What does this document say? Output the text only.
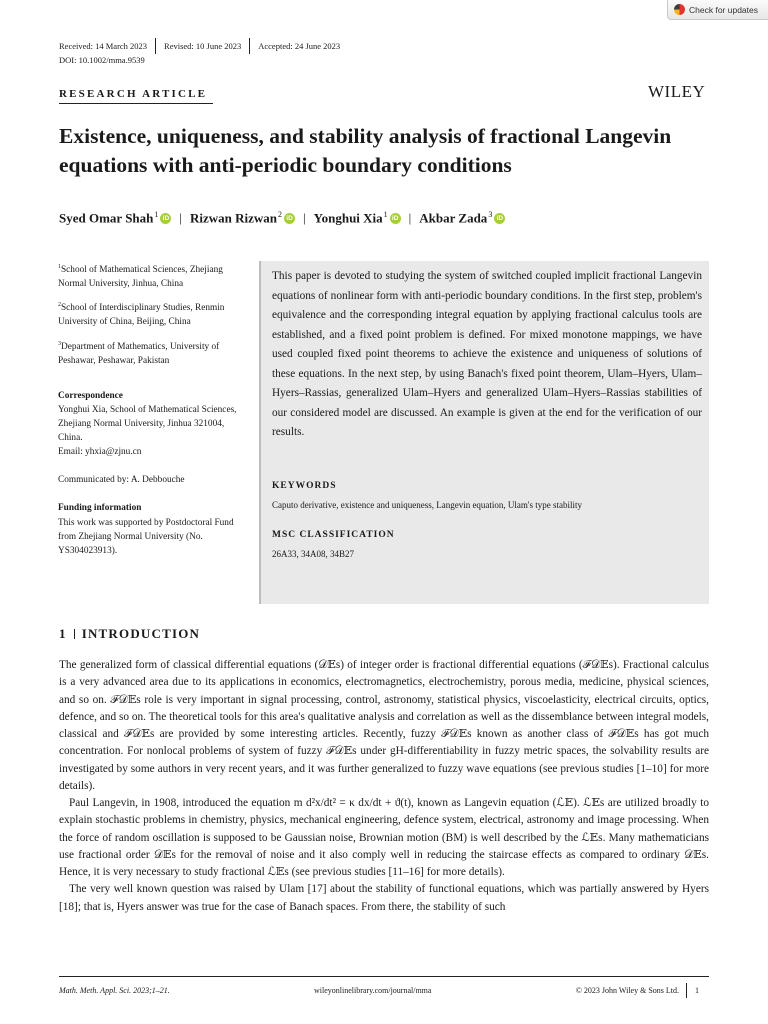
Check for updates
Received: 14 March 2023 Revised: 10 June 2023 Accepted: 24 June 2023
DOI: 10.1002/mma.9539
RESEARCH ARTICLE	WILEY
Existence, uniqueness, and stability analysis of fractional Langevin equations with anti-periodic boundary conditions
Syed Omar Shah$^1$ iD | Rizwan Rizwan$^2$ iD | Yonghui Xia$^1$ iD | Akbar Zada$^3$ iD

$^1$School of Mathematical Sciences, Zhejiang Normal University, Jinhua, China

$^2$School of Interdisciplinary Studies, Renmin University of China, Beijing, China

$^3$Department of Mathematics, University of Peshawar, Peshawar, Pakistan

Correspondence
Yonghui Xia, School of Mathematical Sciences, Zhejiang Normal University, Jinhua 321004, China.
Email: yhxia@zjnu.cn
Communicated by: A. Debbouche
Funding information
This work was supported by Postdoctoral Fund from Zhejiang Normal University (No. YS304023913).

This paper is devoted to studying the system of switched coupled implicit fractional Langevin equations of nonlinear form with anti-periodic boundary conditions. In the first step, problem's equivalence and the corresponding integral equation by applying fractional calculus tools are established, and a fixed point problem is defined. For mixed monotone mappings, we have used coupled fixed point theorems to achieve the existence and uniqueness of solutions of these equations. In the next step, by using Banach's fixed point theorem, Ulam–Hyers, Ulam–Hyers–Rassias, generalized Ulam–Hyers and generalized Ulam–Hyers–Rassias stabilities of our considered model are discussed. An example is given at the end for the verification of our results.

KEYWORDS
Caputo derivative, existence and uniqueness, Langevin equation, Ulam's type stability
MSC CLASSIFICATION
26A33, 34A08, 34B27
1 INTRODUCTION

The generalized form of classical differential equations (𝒟𝔼s) of integer order is fractional differential equations (ℱ𝒟𝔼s). Fractional calculus is a very advanced area due to its applications in economics, electromagnetics, electrochemistry, porous media, medicine, physical sciences, and so on. ℱ𝒟𝔼s role is very important in signal processing, control, astronomy, statistical physics, viscoelasticity, electrical circuits, optics, defence, and so on. The theoretical tools for this area's qualitative analysis and correlation as well as the dissemblance between integral models, classical and ℱ𝒟𝔼s are provided by some interesting articles. Recently, fuzzy ℱ𝒟𝔼s known as another class of ℱ𝒟𝔼s has got much concentration. For nonlocal problems of system of fuzzy ℱ𝒟𝔼s under gH-differentiability in fuzzy metric spaces, the solvability results are investigated by some authors in very recent years, and it was further generalized to fuzzy wave equations (see previous studies [1–10] for more details).

Paul Langevin, in 1908, introduced the equation m d²x/dt² = κ dx/dt + ϑ(t), known as Langevin equation (ℒ𝔼). ℒ𝔼s are utilized broadly to explain stochastic problems in chemistry, physics, mechanical engineering, defence system, electrical, astronomy and image processing. When the force of random oscillation is supposed to be Gaussian noise, Brownian motion (BM) is well described by the ℒ𝔼s. Many mathematicians use fractional order 𝒟𝔼s for the removal of noise and it also comply well in reducing the staircase effects as compared to ordinary 𝒟𝔼s. Hence, it is very necessary to study fractional ℒ𝔼s (see previous studies [11–16] for more details).

The very well known question was raised by Ulam [17] about the stability of functional equations, which was partially answered by Hyers [18]; that is, Hyers answer was true for the case of Banach spaces. From there, the stability of such

Math. Meth. Appl. Sci. 2023;1–21.	wileyonlinelibrary.com/journal/mma	© 2023 John Wiley & Sons Ltd. 1
